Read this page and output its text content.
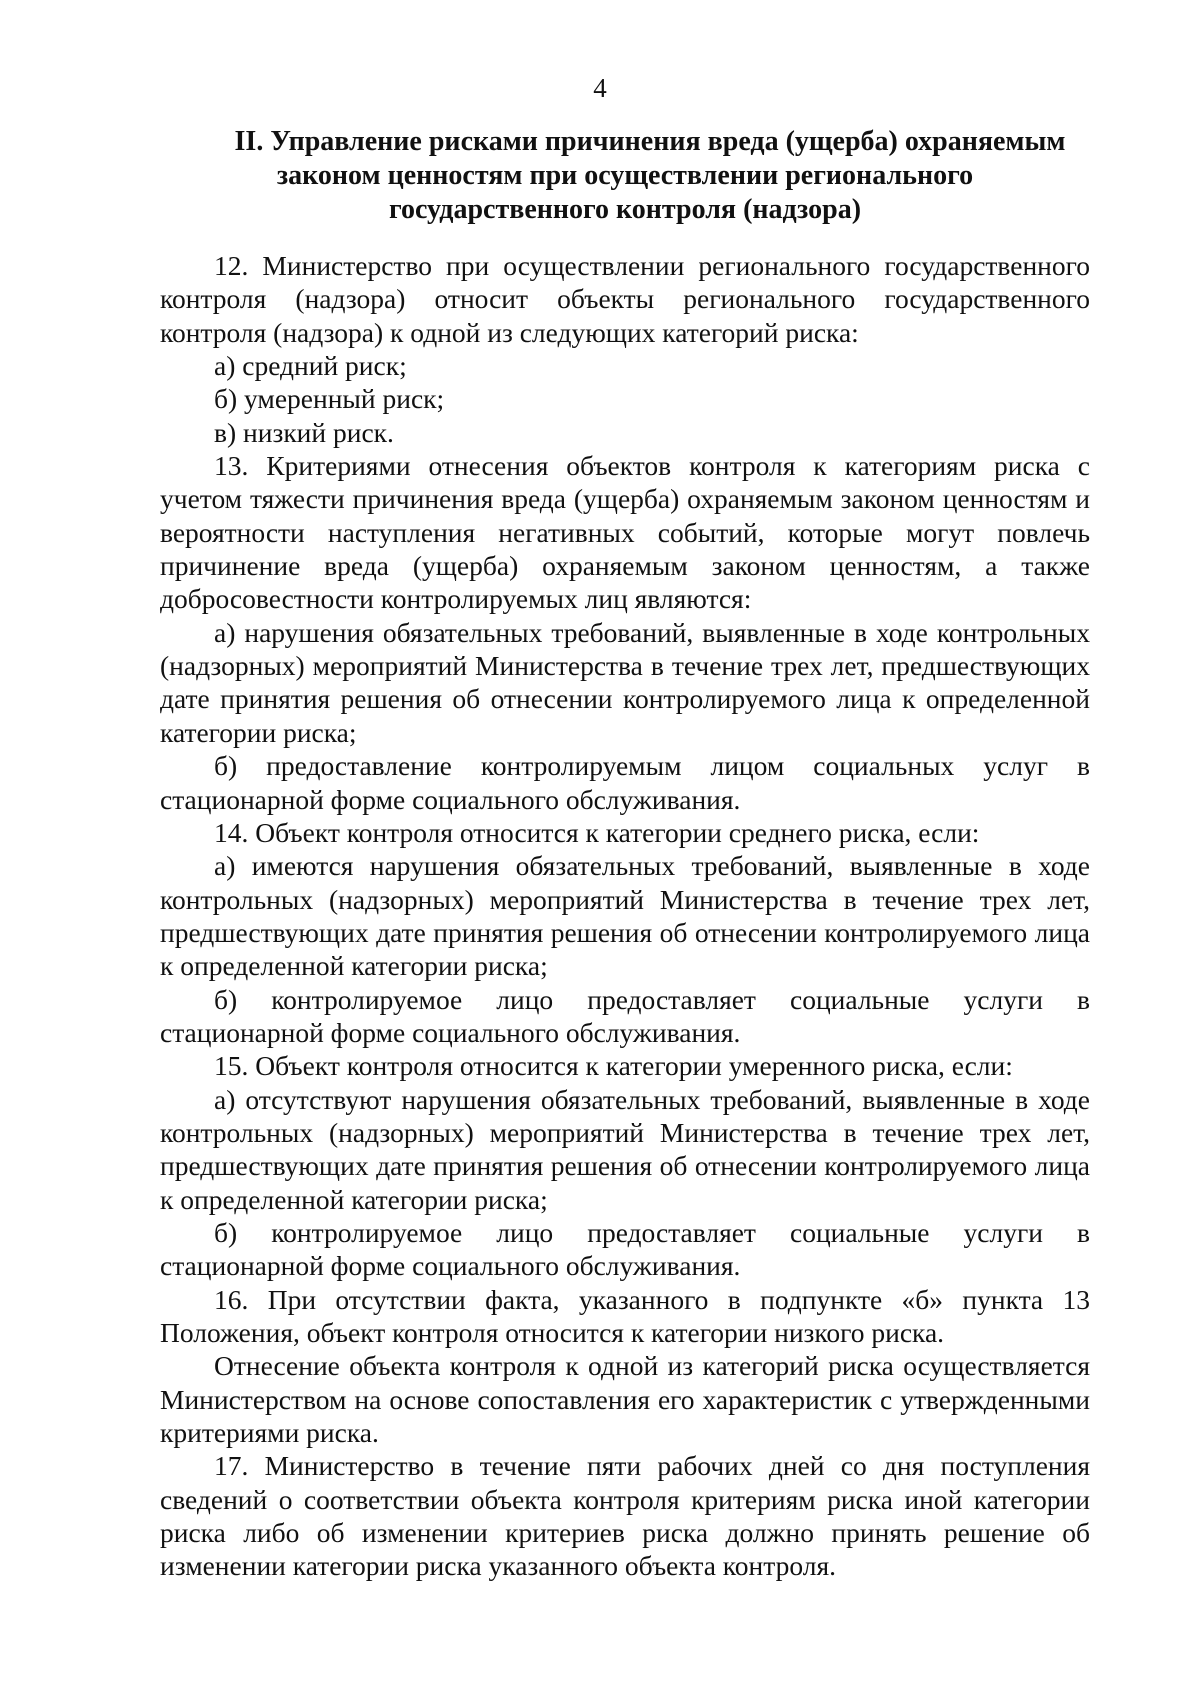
4
II. Управление рисками причинения вреда (ущерба) охраняемым
законом ценностям при осуществлении регионального
государственного контроля (надзора)

12. Министерство при осуществлении регионального государственного контроля (надзора) относит объекты регионального государственного контроля (надзора) к одной из следующих категорий риска:

а) средний риск;

б) умеренный риск;

в) низкий риск.

13. Критериями отнесения объектов контроля к категориям риска с учетом тяжести причинения вреда (ущерба) охраняемым законом ценностям и вероятности наступления негативных событий, которые могут повлечь причинение вреда (ущерба) охраняемым законом ценностям, а также добросовестности контролируемых лиц являются:

а) нарушения обязательных требований, выявленные в ходе контрольных (надзорных) мероприятий Министерства в течение трех лет, предшествующих дате принятия решения об отнесении контролируемого лица к определенной категории риска;

б) предоставление контролируемым лицом социальных услуг в стационарной форме социального обслуживания.

14. Объект контроля относится к категории среднего риска, если:

а) имеются нарушения обязательных требований, выявленные в ходе контрольных (надзорных) мероприятий Министерства в течение трех лет, предшествующих дате принятия решения об отнесении контролируемого лица к определенной категории риска;

б) контролируемое лицо предоставляет социальные услуги в стационарной форме социального обслуживания.

15. Объект контроля относится к категории умеренного риска, если:

а) отсутствуют нарушения обязательных требований, выявленные в ходе контрольных (надзорных) мероприятий Министерства в течение трех лет, предшествующих дате принятия решения об отнесении контролируемого лица к определенной категории риска;

б) контролируемое лицо предоставляет социальные услуги в стационарной форме социального обслуживания.

16. При отсутствии факта, указанного в подпункте «б» пункта 13 Положения, объект контроля относится к категории низкого риска.

Отнесение объекта контроля к одной из категорий риска осуществляется Министерством на основе сопоставления его характеристик с утвержденными критериями риска.

17. Министерство в течение пяти рабочих дней со дня поступления сведений о соответствии объекта контроля критериям риска иной категории риска либо об изменении критериев риска должно принять решение об изменении категории риска указанного объекта контроля.
